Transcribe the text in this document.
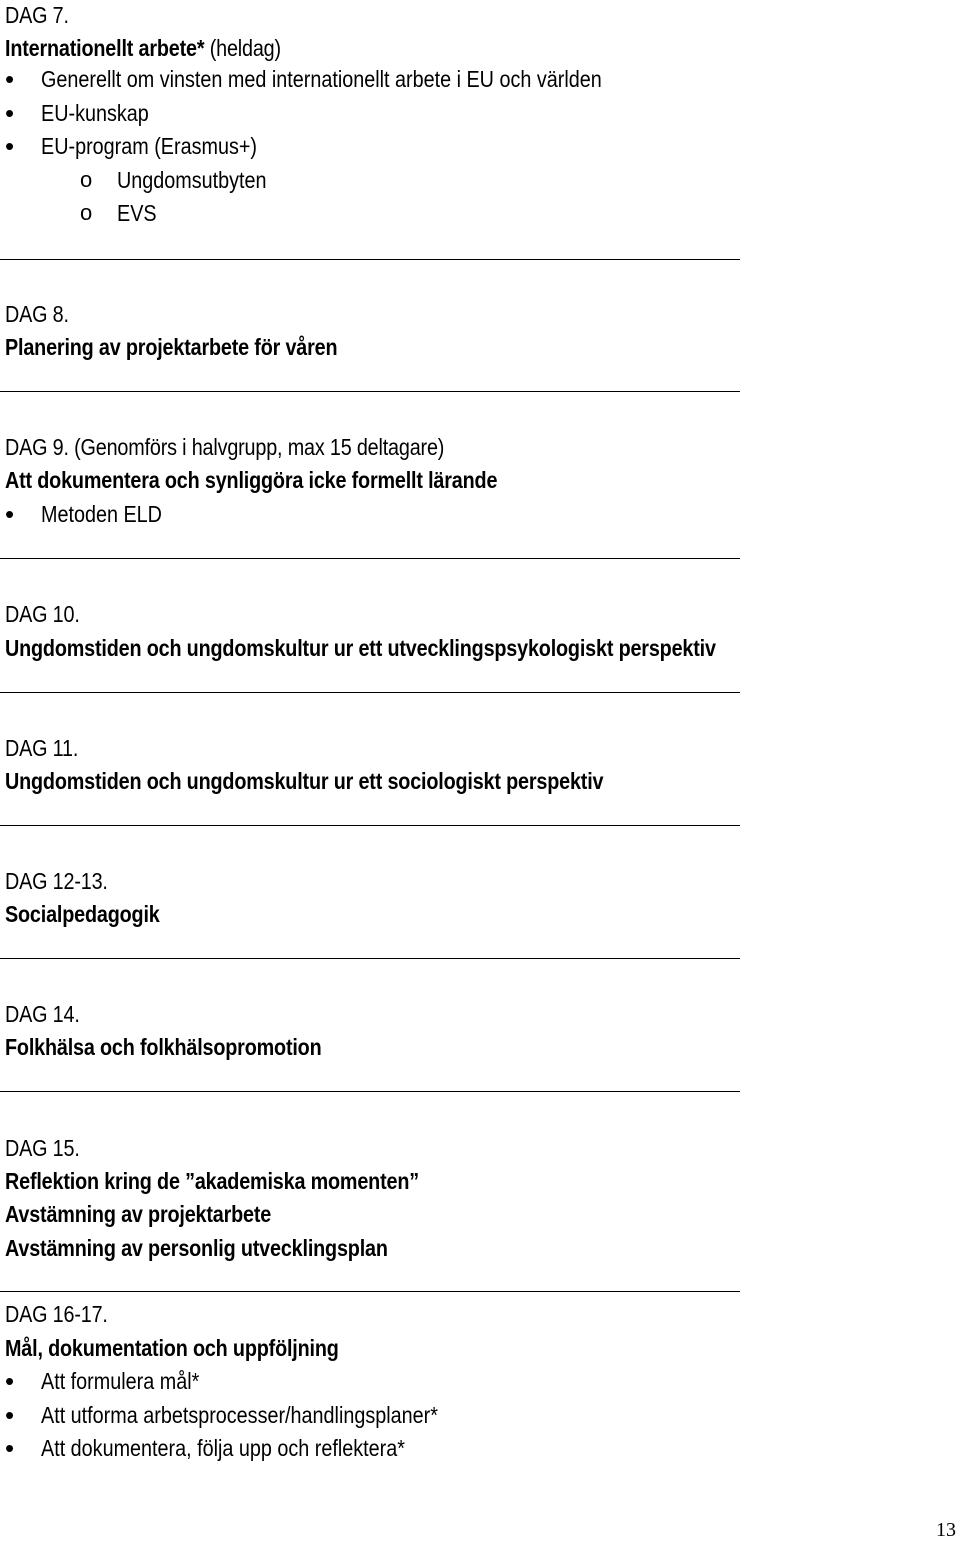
DAG 7.
Internationellt arbete* (heldag)
• Generellt om vinsten med internationellt arbete i EU och världen
• EU-kunskap
• EU-program (Erasmus+)
o Ungdomsutbyten
o EVS
DAG 8.
Planering av projektarbete för våren
DAG 9. (Genomförs i halvgrupp, max 15 deltagare)
Att dokumentera och synliggöra icke formellt lärande
• Metoden ELD
DAG 10.
Ungdomstiden och ungdomskultur ur ett utvecklingspsykologiskt perspektiv
DAG 11.
Ungdomstiden och ungdomskultur ur ett sociologiskt perspektiv
DAG 12-13.
Socialpedagogik
DAG 14.
Folkhälsa och folkhälsopromotion
DAG 15.
Reflektion kring de ”akademiska momenten”
Avstämning av projektarbete
Avstämning av personlig utvecklingsplan
DAG 16-17.
Mål, dokumentation och uppföljning
• Att formulera mål*
• Att utforma arbetsprocesser/handlingsplaner*
• Att dokumentera, följa upp och reflektera*
13
